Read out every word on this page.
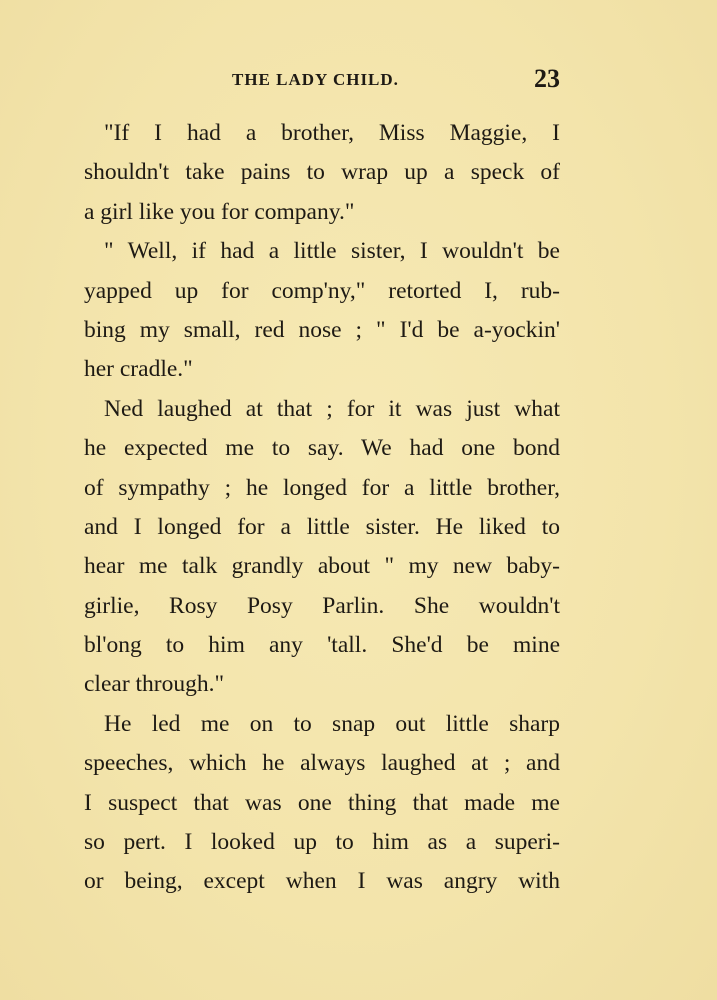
THE LADY CHILD.	23
"If I had a brother, Miss Maggie, I
shouldn't take pains to wrap up a speck of
a girl like you for company."
" Well, if had a little sister, I wouldn't be
yapped up for comp'ny," retorted I, rub-
bing my small, red nose ; " I'd be a-yockin'
her cradle."
Ned laughed at that ; for it was just what
he expected me to say. We had one bond
of sympathy ; he longed for a little brother,
and I longed for a little sister. He liked to
hear me talk grandly about " my new baby-
girlie, Rosy Posy Parlin. She wouldn't
bl'ong to him any 'tall. She'd be mine
clear through."
He led me on to snap out little sharp
speeches, which he always laughed at ; and
I suspect that was one thing that made me
so pert. I looked up to him as a superi-
or being, except when I was angry with
